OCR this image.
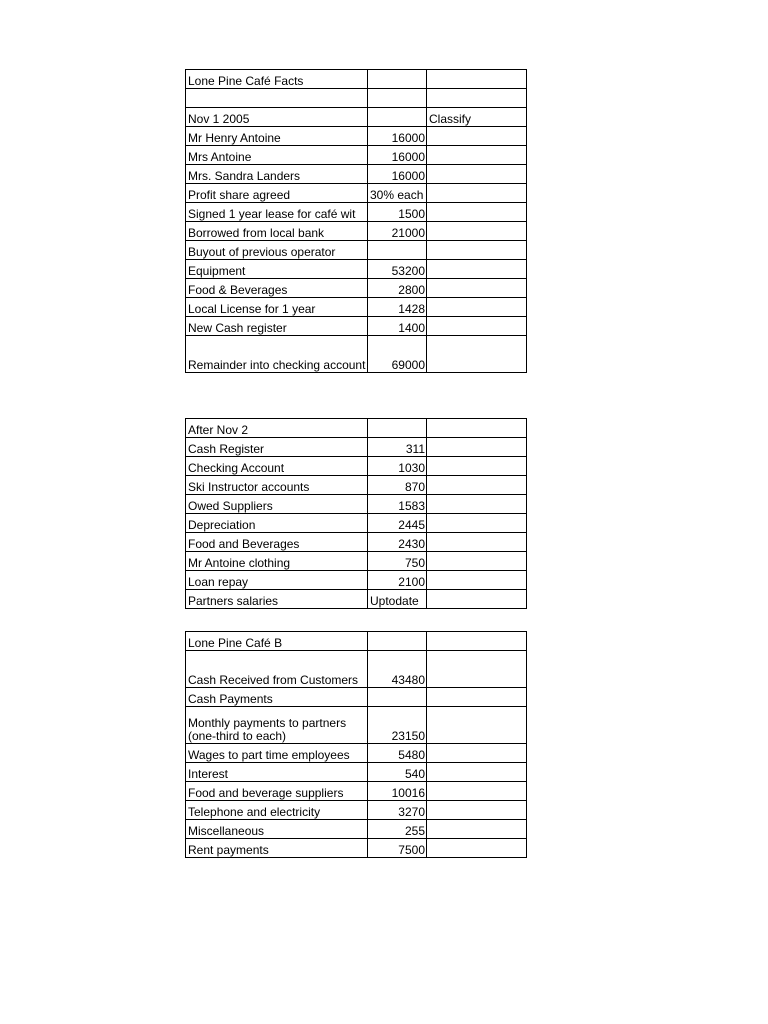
Lone Pine Café Facts		

Nov 1 2005		Classify
Mr Henry Antoine	16000	
Mrs Antoine	16000	
Mrs. Sandra Landers	16000	
Profit share agreed	30% each	
Signed 1 year lease for café wit	1500	
Borrowed from local bank	21000	
Buyout of previous operator		
Equipment	53200	
Food & Beverages	2800	
Local License for 1 year	1428	
New Cash register	1400	
Remainder into checking account	69000	
After Nov 2		
Cash Register	311	
Checking Account	1030	
Ski Instructor accounts	870	
Owed Suppliers	1583	
Depreciation	2445	
Food and Beverages	2430	
Mr Antoine clothing	750	
Loan repay	2100	
Partners salaries	Uptodate	
Lone Pine Café B		
Cash Received from Customers	43480	
Cash Payments		
Monthly payments to partners (one-third to each)	23150	
Wages to part time employees	5480	
Interest	540	
Food and beverage suppliers	10016	
Telephone and electricity	3270	
Miscellaneous	255	
Rent payments	7500	
